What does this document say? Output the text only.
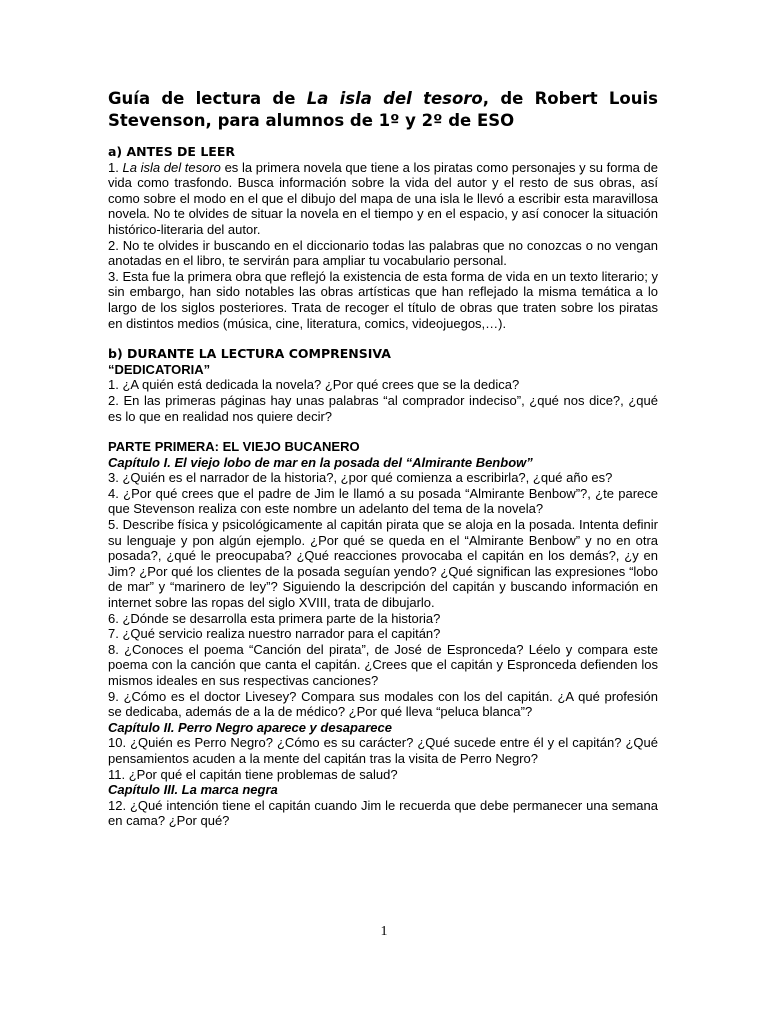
Guía de lectura de La isla del tesoro, de Robert Louis Stevenson, para alumnos de 1º y 2º de ESO

a) ANTES DE LEER

1. La isla del tesoro es la primera novela que tiene a los piratas como personajes y su forma de vida como trasfondo. Busca información sobre la vida del autor y el resto de sus obras, así como sobre el modo en el que el dibujo del mapa de una isla le llevó a escribir esta maravillosa novela. No te olvides de situar la novela en el tiempo y en el espacio, y así conocer la situación histórico-literaria del autor.

2. No te olvides ir buscando en el diccionario todas las palabras que no conozcas o no vengan anotadas en el libro, te servirán para ampliar tu vocabulario personal.

3. Esta fue la primera obra que reflejó la existencia de esta forma de vida en un texto literario; y sin embargo, han sido notables las obras artísticas que han reflejado la misma temática a lo largo de los siglos posteriores. Trata de recoger el título de obras que traten sobre los piratas en distintos medios (música, cine, literatura, comics, videojuegos,…).

b) DURANTE LA LECTURA COMPRENSIVA

“DEDICATORIA”

1. ¿A quién está dedicada la novela? ¿Por qué crees que se la dedica?

2. En las primeras páginas hay unas palabras “al comprador indeciso”, ¿qué nos dice?, ¿qué es lo que en realidad nos quiere decir?

PARTE PRIMERA: EL VIEJO BUCANERO

Capítulo I. El viejo lobo de mar en la posada del “Almirante Benbow”

3. ¿Quién es el narrador de la historia?, ¿por qué comienza a escribirla?, ¿qué año es?

4. ¿Por qué crees que el padre de Jim le llamó a su posada “Almirante Benbow”?, ¿te parece que Stevenson realiza con este nombre un adelanto del tema de la novela?

5. Describe física y psicológicamente al capitán pirata que se aloja en la posada. Intenta definir su lenguaje y pon algún ejemplo. ¿Por qué se queda en el “Almirante Benbow” y no en otra posada?, ¿qué le preocupaba? ¿Qué reacciones provocaba el capitán en los demás?, ¿y en Jim? ¿Por qué los clientes de la posada seguían yendo? ¿Qué significan las expresiones “lobo de mar” y “marinero de ley”? Siguiendo la descripción del capitán y buscando información en internet sobre las ropas del siglo XVIII, trata de dibujarlo.

6. ¿Dónde se desarrolla esta primera parte de la historia?

7. ¿Qué servicio realiza nuestro narrador para el capitán?

8. ¿Conoces el poema “Canción del pirata”, de José de Espronceda? Léelo y compara este poema con la canción que canta el capitán. ¿Crees que el capitán y Espronceda defienden los mismos ideales en sus respectivas canciones?

9. ¿Cómo es el doctor Livesey? Compara sus modales con los del capitán. ¿A qué profesión se dedicaba, además de a la de médico? ¿Por qué lleva “peluca blanca”?

Capítulo II. Perro Negro aparece y desaparece

10. ¿Quién es Perro Negro? ¿Cómo es su carácter? ¿Qué sucede entre él y el capitán? ¿Qué pensamientos acuden a la mente del capitán tras la visita de Perro Negro?

11. ¿Por qué el capitán tiene problemas de salud?

Capítulo III. La marca negra

12. ¿Qué intención tiene el capitán cuando Jim le recuerda que debe permanecer una semana en cama? ¿Por qué?

1
